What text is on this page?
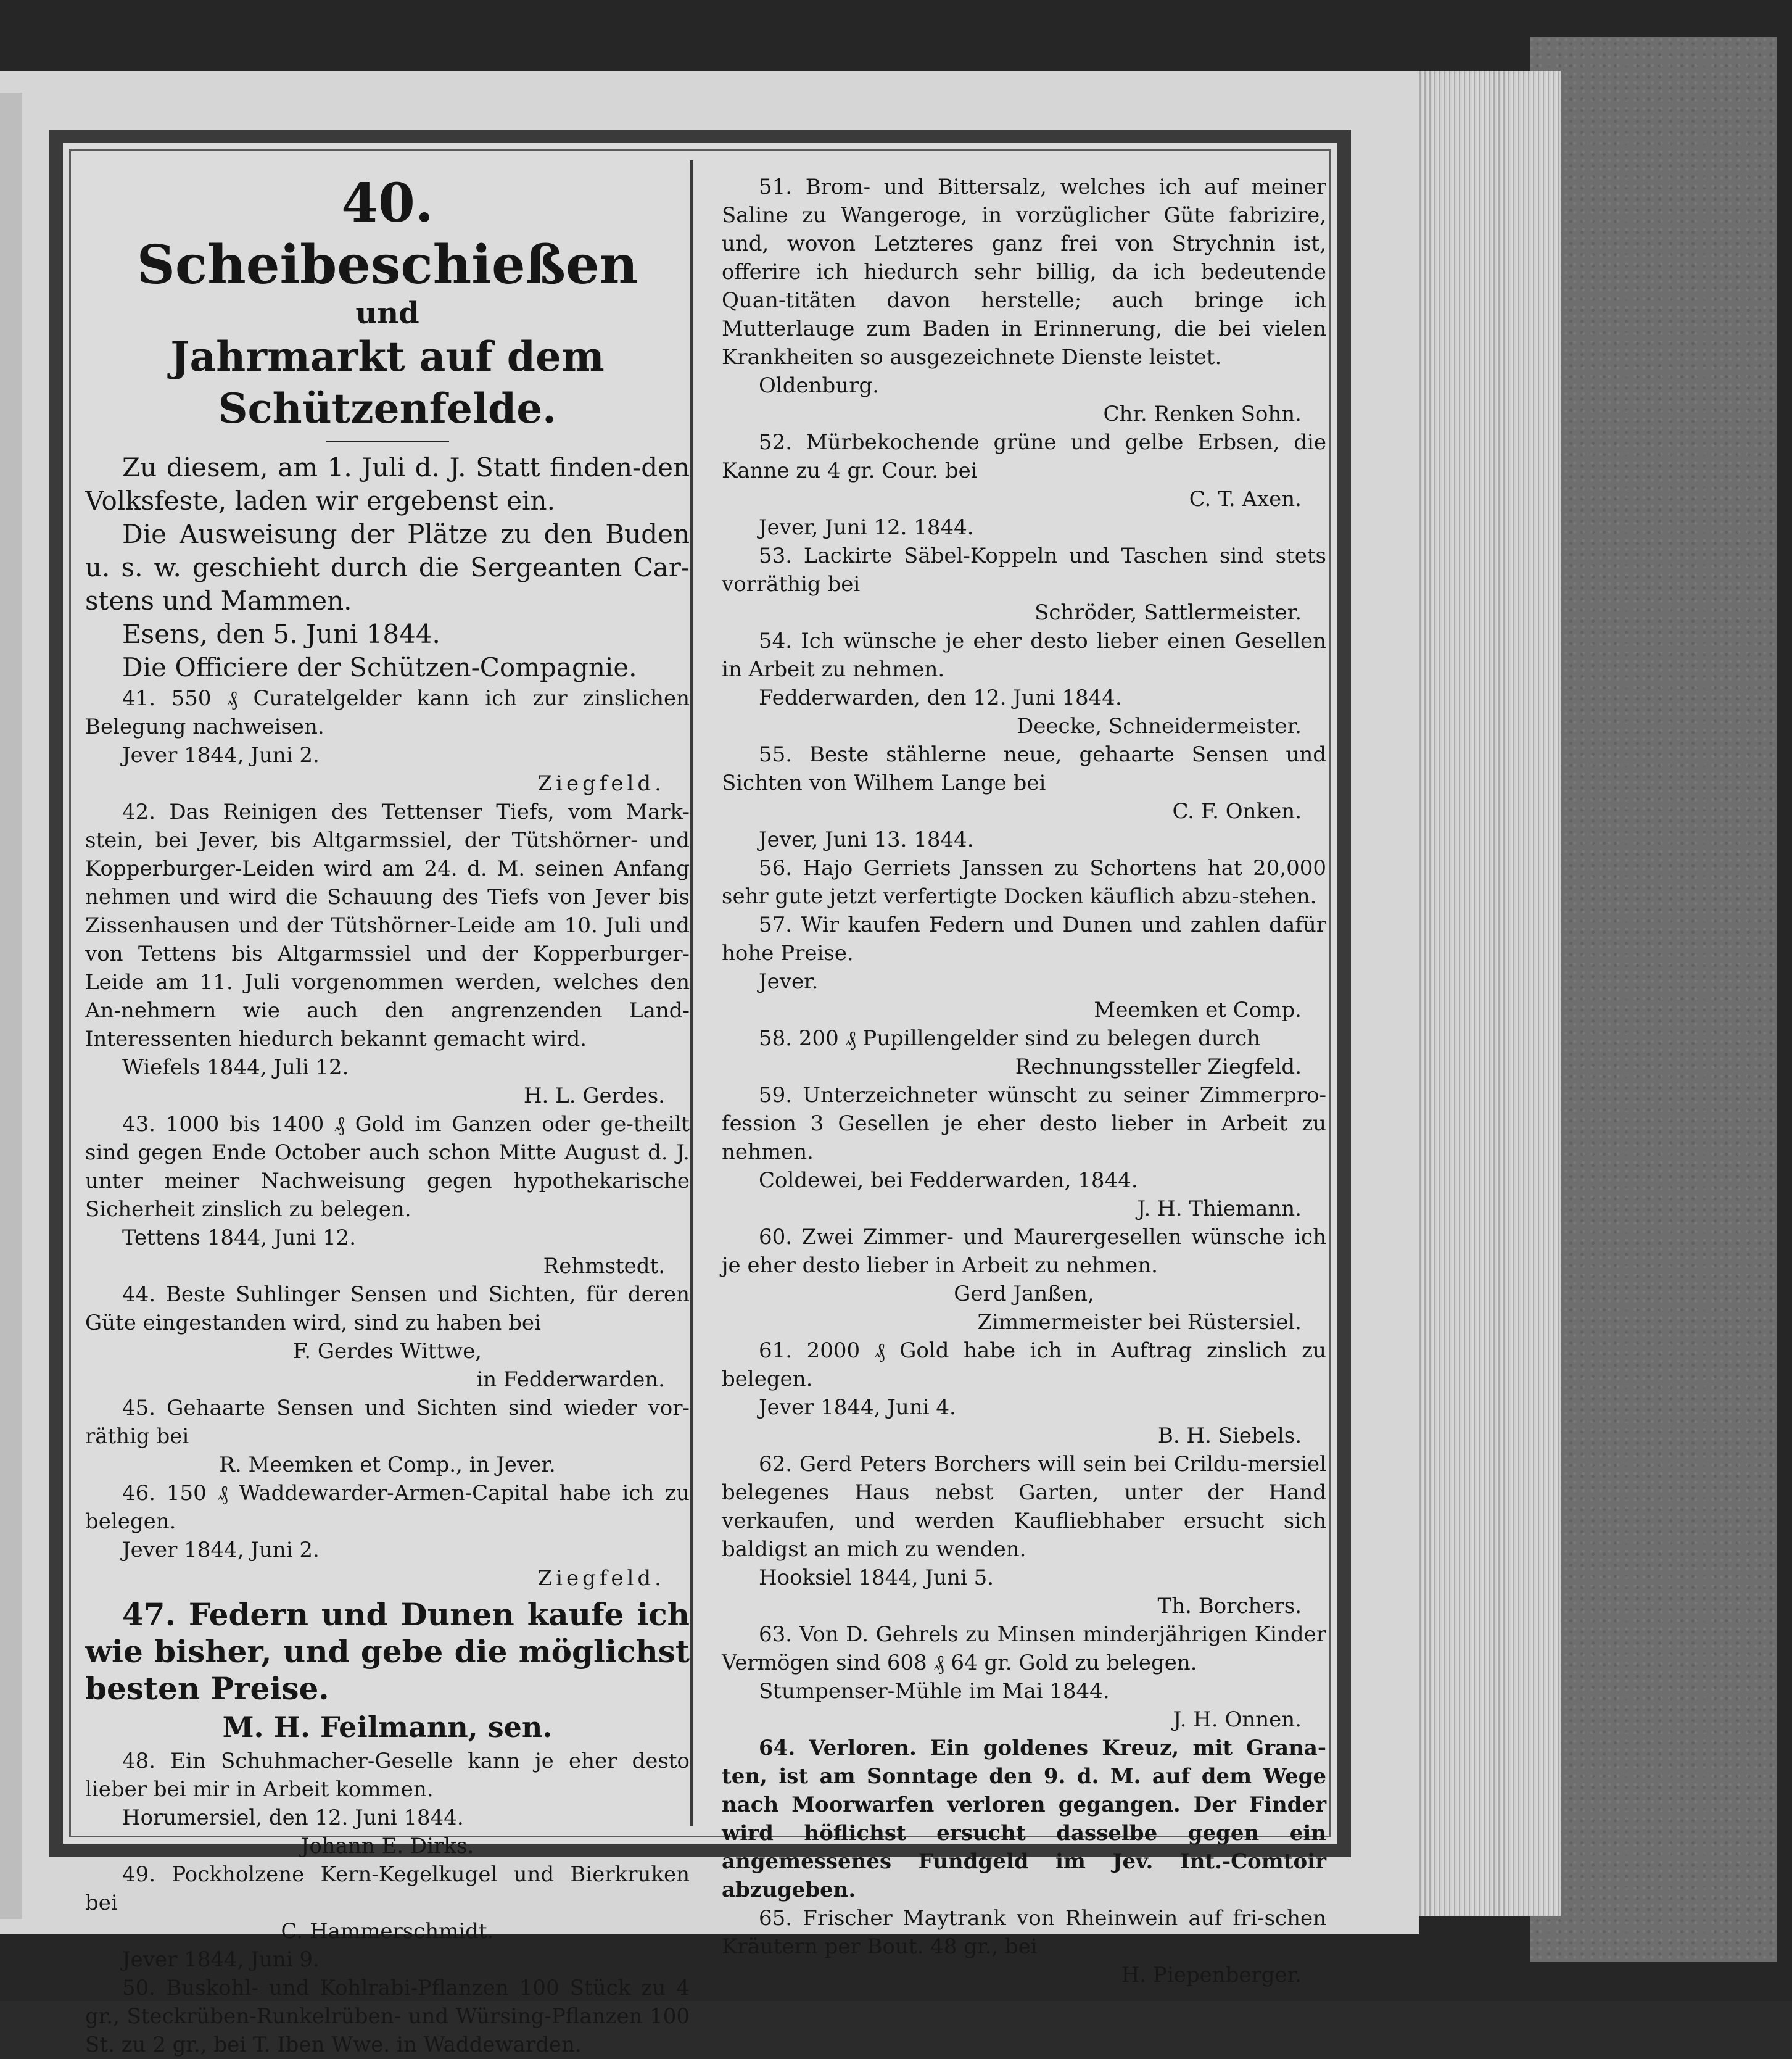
40. Scheibeschießen

und

Jahrmarkt auf dem Schützenfelde.

Zu diesem, am 1. Juli d. J. Statt finden-den Volksfeste, laden wir ergebenst ein.

Die Ausweisung der Plätze zu den Buden u. s. w. geschieht durch die Sergeanten Car-stens und Mammen.

Esens, den 5. Juni 1844.

Die Officiere der Schützen-Compagnie.

41. 550 ₰ Curatelgelder kann ich zur zinslichen Belegung nachweisen.

Jever 1844, Juni 2.

Ziegfeld.

42. Das Reinigen des Tettenser Tiefs, vom Mark-stein, bei Jever, bis Altgarmssiel, der Tütshörner- und Kopperburger-Leiden wird am 24. d. M. seinen Anfang nehmen und wird die Schauung des Tiefs von Jever bis Zissenhausen und der Tütshörner-Leide am 10. Juli und von Tettens bis Altgarmssiel und der Kopperburger-Leide am 11. Juli vorgenommen werden, welches den An-nehmern wie auch den angrenzenden Land-Interessenten hiedurch bekannt gemacht wird.

Wiefels 1844, Juli 12.

H. L. Gerdes.

43. 1000 bis 1400 ₰ Gold im Ganzen oder ge-theilt sind gegen Ende October auch schon Mitte August d. J. unter meiner Nachweisung gegen hypothekarische Sicherheit zinslich zu belegen.

Tettens 1844, Juni 12.

Rehmstedt.

44. Beste Suhlinger Sensen und Sichten, für deren Güte eingestanden wird, sind zu haben bei

F. Gerdes Wittwe,

in Fedderwarden.

45. Gehaarte Sensen und Sichten sind wieder vor-räthig bei

R. Meemken et Comp., in Jever.

46. 150 ₰ Waddewarder-Armen-Capital habe ich zu belegen.

Jever 1844, Juni 2.

Ziegfeld.

47. Federn und Dunen kaufe ich wie bisher, und gebe die möglichst besten Preise.

M. H. Feilmann, sen.

48. Ein Schuhmacher-Geselle kann je eher desto lieber bei mir in Arbeit kommen.

Horumersiel, den 12. Juni 1844.

Johann E. Dirks.

49. Pockholzene Kern-Kegelkugel und Bierkruken bei

C. Hammerschmidt.

Jever 1844, Juni 9.

50. Buskohl- und Kohlrabi-Pflanzen 100 Stück zu 4 gr., Steckrüben-Runkelrüben- und Würsing-Pflanzen 100 St. zu 2 gr., bei T. Iben Wwe. in Waddewarden.

51. Brom- und Bittersalz, welches ich auf meiner Saline zu Wangeroge, in vorzüglicher Güte fabrizire, und, wovon Letzteres ganz frei von Strychnin ist, offerire ich hiedurch sehr billig, da ich bedeutende Quan-titäten davon herstelle; auch bringe ich Mutterlauge zum Baden in Erinnerung, die bei vielen Krankheiten so ausgezeichnete Dienste leistet.

Oldenburg.

Chr. Renken Sohn.

52. Mürbekochende grüne und gelbe Erbsen, die Kanne zu 4 gr. Cour. bei

C. T. Axen.

Jever, Juni 12. 1844.

53. Lackirte Säbel-Koppeln und Taschen sind stets vorräthig bei

Schröder, Sattlermeister.

54. Ich wünsche je eher desto lieber einen Gesellen in Arbeit zu nehmen.

Fedderwarden, den 12. Juni 1844.

Deecke, Schneidermeister.

55. Beste stählerne neue, gehaarte Sensen und Sichten von Wilhem Lange bei

C. F. Onken.

Jever, Juni 13. 1844.

56. Hajo Gerriets Janssen zu Schortens hat 20,000 sehr gute jetzt verfertigte Docken käuflich abzu-stehen.

57. Wir kaufen Federn und Dunen und zahlen dafür hohe Preise.

Jever.

Meemken et Comp.

58. 200 ₰ Pupillengelder sind zu belegen durch

Rechnungssteller Ziegfeld.

59. Unterzeichneter wünscht zu seiner Zimmerpro-fession 3 Gesellen je eher desto lieber in Arbeit zu nehmen.

Coldewei, bei Fedderwarden, 1844.

J. H. Thiemann.

60. Zwei Zimmer- und Maurergesellen wünsche ich je eher desto lieber in Arbeit zu nehmen.

Gerd Janßen,

Zimmermeister bei Rüstersiel.

61. 2000 ₰ Gold habe ich in Auftrag zinslich zu belegen.

Jever 1844, Juni 4.

B. H. Siebels.

62. Gerd Peters Borchers will sein bei Crildu-mersiel belegenes Haus nebst Garten, unter der Hand verkaufen, und werden Kaufliebhaber ersucht sich baldigst an mich zu wenden.

Hooksiel 1844, Juni 5.

Th. Borchers.

63. Von D. Gehrels zu Minsen minderjährigen Kinder Vermögen sind 608 ₰ 64 gr. Gold zu belegen.

Stumpenser-Mühle im Mai 1844.

J. H. Onnen.

64. Verloren. Ein goldenes Kreuz, mit Grana-ten, ist am Sonntage den 9. d. M. auf dem Wege nach Moorwarfen verloren gegangen. Der Finder wird höflichst ersucht dasselbe gegen ein angemessenes Fundgeld im Jev. Int.-Comtoir abzugeben.

65. Frischer Maytrank von Rheinwein auf fri-schen Kräutern per Bout. 48 gr., bei

H. Piepenberger.
